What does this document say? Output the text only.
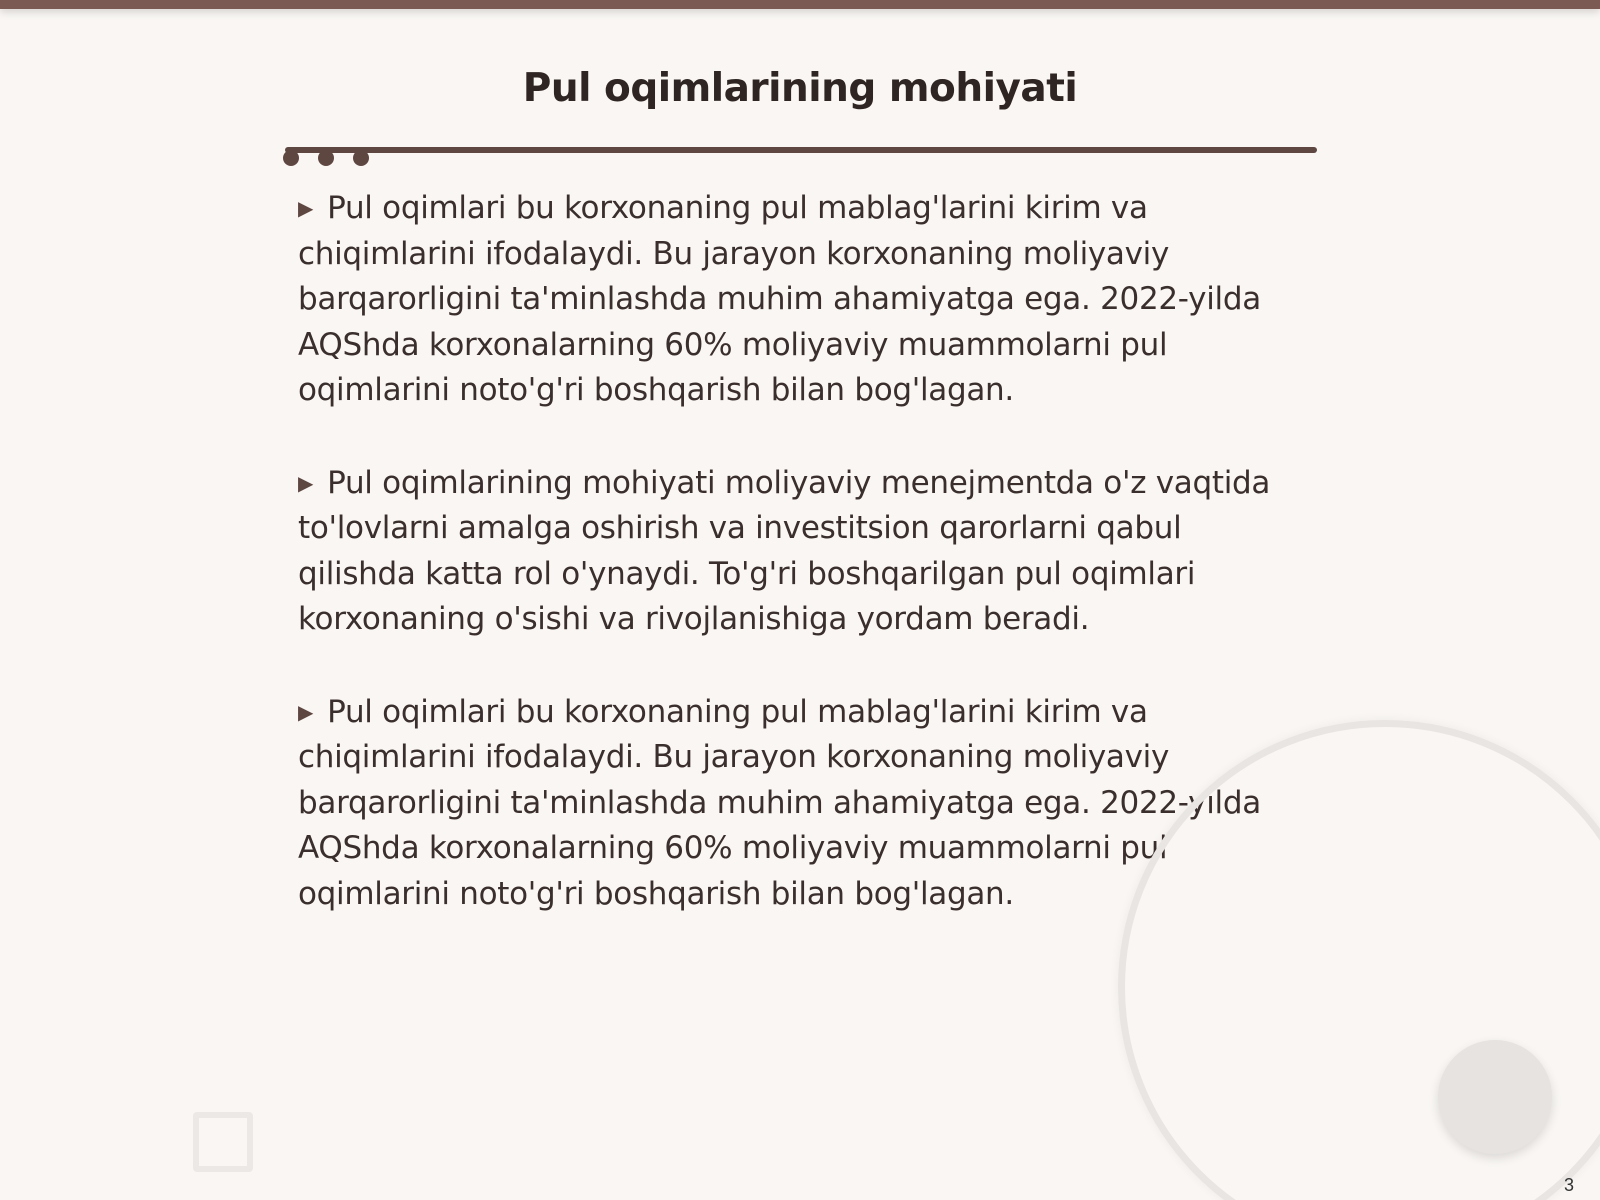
Pul oqimlarining mohiyati

▶ Pul oqimlari bu korxonaning pul mablag'larini kirim va chiqimlarini ifodalaydi. Bu jarayon korxonaning moliyaviy barqarorligini ta'minlashda muhim ahamiyatga ega. 2022-yilda AQShda korxonalarning 60% moliyaviy muammolarni pul oqimlarini noto'g'ri boshqarish bilan bog'lagan.

▶ Pul oqimlarining mohiyati moliyaviy menejmentda o'z vaqtida to'lovlarni amalga oshirish va investitsion qarorlarni qabul qilishda katta rol o'ynaydi. To'g'ri boshqarilgan pul oqimlari korxonaning o'sishi va rivojlanishiga yordam beradi.

▶ Pul oqimlari bu korxonaning pul mablag'larini kirim va chiqimlarini ifodalaydi. Bu jarayon korxonaning moliyaviy barqarorligini ta'minlashda muhim ahamiyatga ega. 2022-yilda AQShda korxonalarning 60% moliyaviy muammolarni pul oqimlarini noto'g'ri boshqarish bilan bog'lagan.

3
